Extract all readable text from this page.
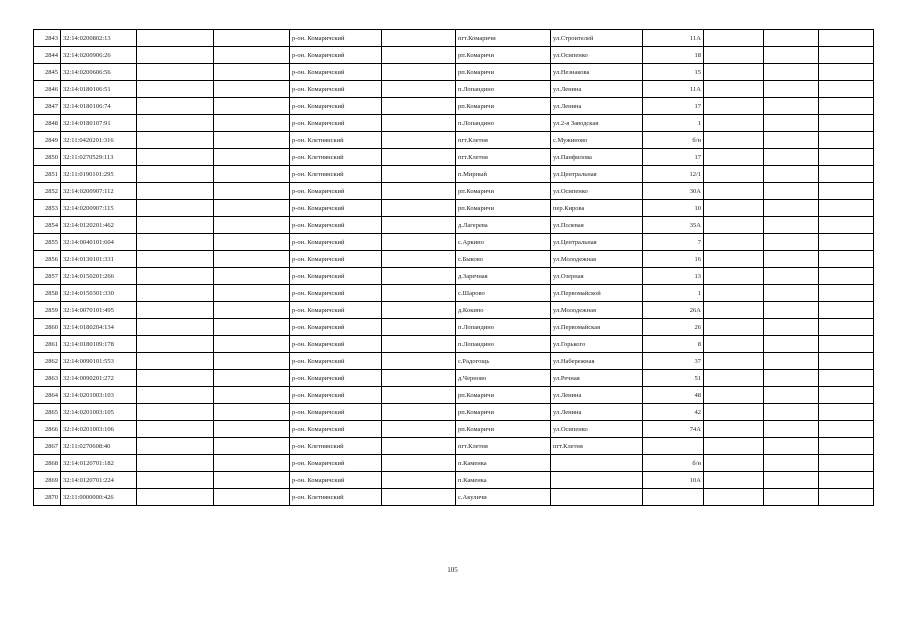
2843	32:14:0200802:13			р-он. Комаричский		пгт.Комаричи	ул.Строителей	11А			
2844	32:14:0200906:26			р-он. Комаричский		рп.Комаричи	ул.Осипенко	18			
2845	32:14:0200606:56			р-он. Комаричский		рп.Комаричи	ул.Незнакова	15			
2846	32:14:0180106:51			р-он. Комаричский		п.Лопандино	ул.Ленина	11А			
2847	32:14:0180106:74			р-он. Комаричский		рп.Комаричи	ул.Ленина	17			
2848	32:14:0180107:91			р-он. Комаричский		п.Лопандино	ул.2-я Заводская	1			
2849	32:11:0420201:316			р-он. Клетнянский		пгт.Клетня	с.Мужиново	б/н			
2850	32:11:0270529:113			р-он. Клетнянский		пгт.Клетня	ул.Панфилова	17			
2851	32:11:0190101:295			р-он. Клетнянский		п.Мирный	ул.Центральная	12/1			
2852	32:14:0200907:112			р-он. Комаричский		рп.Комаричи	ул.Осипенко	30А			
2853	32:14:0200907:115			р-он. Комаричский		рп.Комаричи	пер.Кирова	10			
2854	32:14:0120201:462			р-он. Комаричский		д.Лагерева	ул.Полевая	35А			
2855	32:14:0040101:604			р-он. Комаричский		с.Аркино	ул.Центральная	7			
2856	32:14:0130101:331			р-он. Комаричский		с.Быково	ул.Молодежная	16			
2857	32:14:0150201:266			р-он. Комаричский		д.Заречная	ул.Озерная	13			
2858	32:14:0150301:330			р-он. Комаричский		с.Шарово	ул.Первомайской	1			
2859	32:14:0070101:495			р-он. Комаричский		д.Кокино	ул.Молодежная	26А			
2860	32:14:0180204:134			р-он. Комаричский		п.Лопандино	ул.Первомайская	26			
2861	32:14:0180109:178			р-он. Комаричский		п.Лопандино	ул.Горького	8			
2862	32:14:0090101:553			р-он. Комаричский		с.Радогощь	ул.Набережная	37			
2863	32:14:0090201:272			р-он. Комаричский		д.Черново	ул.Речная	51			
2864	32:14:0201003:103			р-он. Комаричский		рп.Комаричи	ул.Ленина	48			
2865	32:14:0201003:105			р-он. Комаричский		рп.Комаричи	ул.Ленина	42			
2866	32:14:0201003:106			р-он. Комаричский		рп.Комаричи	ул.Осипенко	74А			
2867	32:11:0270608:40			р-он. Клетнянский		пгт.Клетня	пгт.Клетня				
2868	32:14:0120701:182			р-он. Комаричский		п.Каменка		б/н			
2869	32:14:0120701:224			р-он. Комаричский		п.Каменка		10А			
2870	32:11:0000000:426			р-он. Клетнянский		с.Акуличи					
105
